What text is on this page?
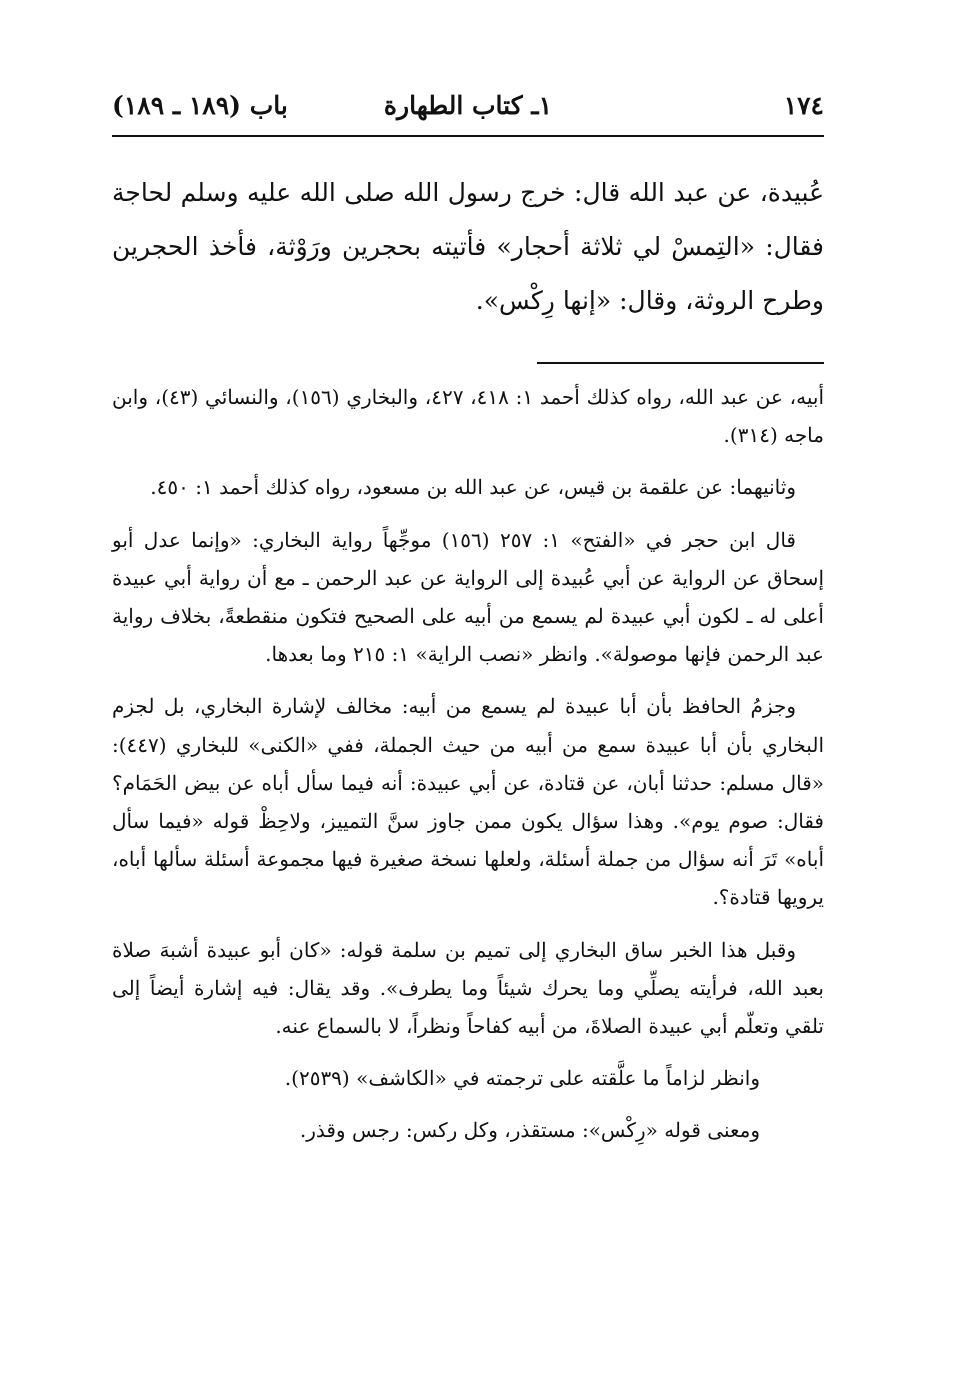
١٧٤
١ـ كتاب الطهارة
باب (١٨٩ ـ ١٨٩)

عُبيدة، عن عبد الله قال: خرج رسول الله صلى الله عليه وسلم لحاجة فقال: «التِمسْ لي ثلاثة أحجار» فأتيته بحجرين ورَوْثة، فأخذ الحجرين وطرح الروثة، وقال: «إنها رِكْس».

أبيه، عن عبد الله، رواه كذلك أحمد ١: ٤١٨، ٤٢٧، والبخاري (١٥٦)، والنسائي (٤٣)، وابن ماجه (٣١٤).

وثانيهما: عن علقمة بن قيس، عن عبد الله بن مسعود، رواه كذلك أحمد ١: ٤٥٠.

قال ابن حجر في «الفتح» ١: ٢٥٧ (١٥٦) موجِّهاً رواية البخاري: «وإنما عدل أبو إسحاق عن الرواية عن أبي عُبيدة إلى الرواية عن عبد الرحمن ـ مع أن رواية أبي عبيدة أعلى له ـ لكون أبي عبيدة لم يسمع من أبيه على الصحيح فتكون منقطعةً، بخلاف رواية عبد الرحمن فإنها موصولة». وانظر «نصب الراية» ١: ٢١٥ وما بعدها.

وجزمُ الحافظ بأن أبا عبيدة لم يسمع من أبيه: مخالف لإشارة البخاري، بل لجزم البخاري بأن أبا عبيدة سمع من أبيه من حيث الجملة، ففي «الكنى» للبخاري (٤٤٧): «قال مسلم: حدثنا أبان، عن قتادة، عن أبي عبيدة: أنه فيما سأل أباه عن بيض الحَمَام؟ فقال: صوم يوم». وهذا سؤال يكون ممن جاوز سنَّ التمييز، ولاحِظْ قوله «فيما سأل أباه» تَرَ أنه سؤال من جملة أسئلة، ولعلها نسخة صغيرة فيها مجموعة أسئلة سألها أباه، يرويها قتادة؟.

وقبل هذا الخبر ساق البخاري إلى تميم بن سلمة قوله: «كان أبو عبيدة أشبهَ صلاة بعبد الله، فرأيته يصلِّي وما يحرك شيئاً وما يطرف». وقد يقال: فيه إشارة أيضاً إلى تلقي وتعلّم أبي عبيدة الصلاةَ، من أبيه كفاحاً ونظراً، لا بالسماع عنه.

وانظر لزاماً ما علَّقته على ترجمته في «الكاشف» (٢٥٣٩).

ومعنى قوله «رِكْس»: مستقذر، وكل ركس: رجس وقذر.
